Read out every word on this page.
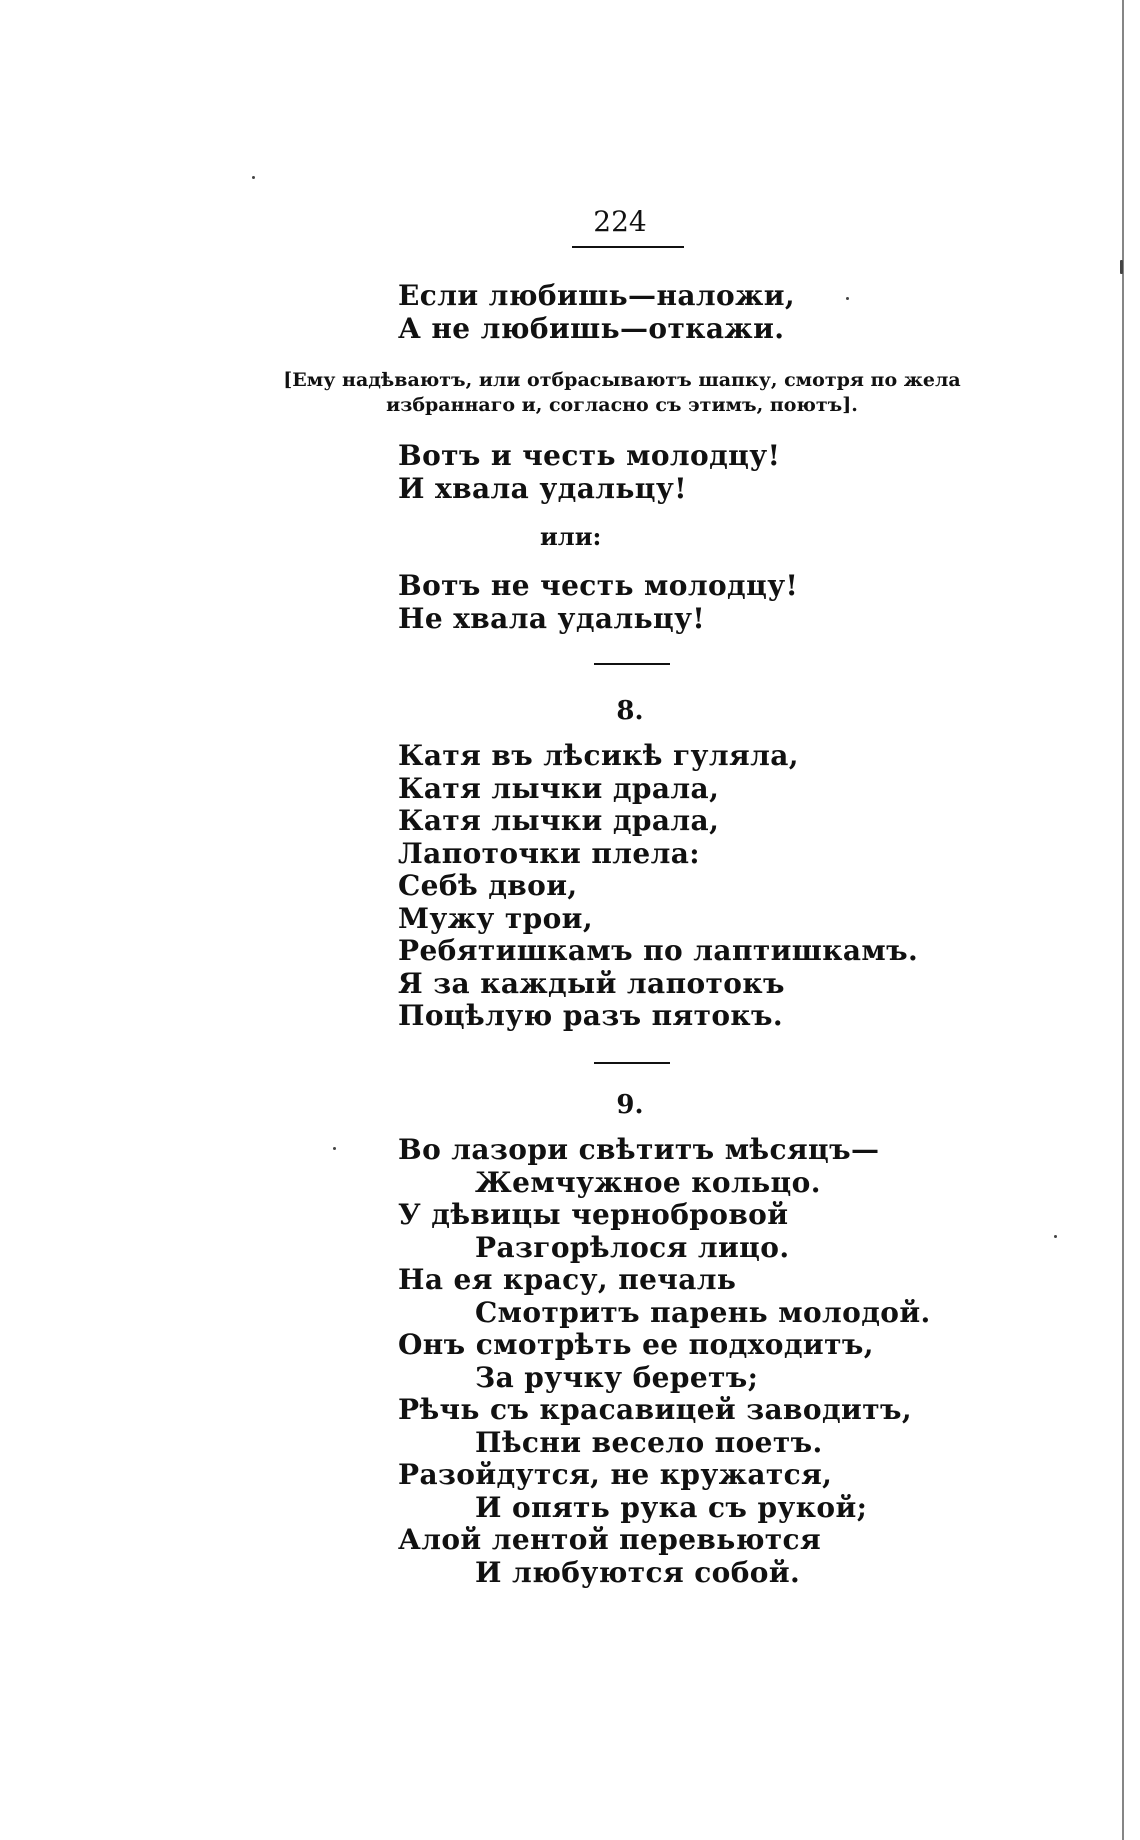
224
Если любишь—наложи,
А не любишь—откажи.
[Ему надѣваютъ, или отбрасываютъ шапку, смотря по жела
избраннаго и, согласно съ этимъ, поютъ].
Вотъ и честь молодцу!
И хвала удальцу!
или:
Вотъ не честь молодцу!
Не хвала удальцу!
8.
Катя въ лѣсикѣ гуляла,
Катя лычки драла,
Катя лычки драла,
Лапоточки плела:
Себѣ двои,
Мужу трои,
Ребятишкамъ по лаптишкамъ.
Я за каждый лапотокъ
Поцѣлую разъ пятокъ.
9.
Во лазори свѣтитъ мѣсяцъ—
Жемчужное кольцо.
У дѣвицы чернобровой
Разгорѣлося лицо.
На ея красу, печаль
Смотритъ парень молодой.
Онъ смотрѣть ее подходитъ,
За ручку беретъ;
Рѣчь съ красавицей заводитъ,
Пѣсни весело поетъ.
Разойдутся, не кружатся,
И опять рука съ рукой;
Алой лентой перевьются
И любуются собой.
